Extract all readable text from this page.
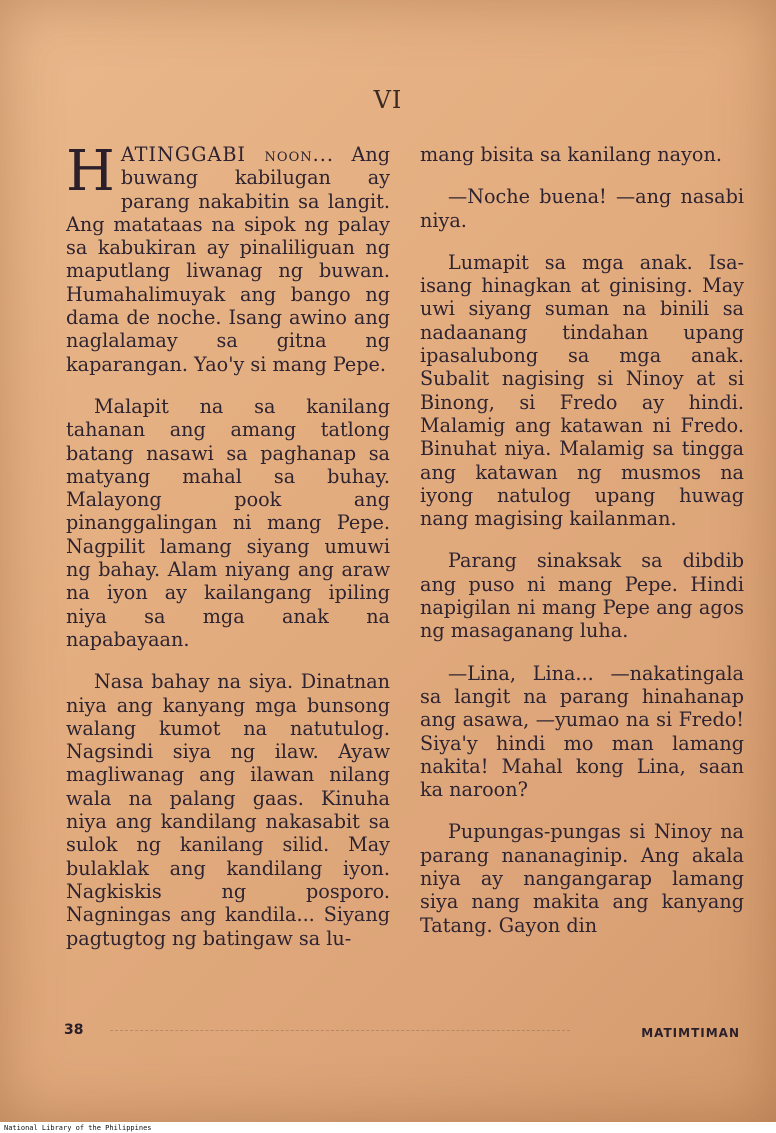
VI

HATINGGABI noon... Ang buwang kabilugan ay parang nakabitin sa langit. Ang matataas na sipok ng palay sa kabukiran ay pinaliliguan ng maputlang liwanag ng buwan. Humahalimuyak ang bango ng dama de noche. Isang awino ang naglalamay sa gitna ng kaparangan. Yao'y si mang Pepe.

Malapit na sa kanilang tahanan ang amang tatlong batang nasawi sa paghanap sa matyang mahal sa buhay. Malayong pook ang pinanggalingan ni mang Pepe. Nagpilit lamang siyang umuwi ng bahay. Alam niyang ang araw na iyon ay kailangang ipiling niya sa mga anak na napabayaan.

Nasa bahay na siya. Dinatnan niya ang kanyang mga bunsong walang kumot na natutulog. Nagsindi siya ng ilaw. Ayaw magliwanag ang ilawan nilang wala na palang gaas. Kinuha niya ang kandilang nakasabit sa sulok ng kanilang silid. May bulaklak ang kandilang iyon. Nagkiskis ng posporo. Nagningas ang kandila... Siyang pagtugtog ng batingaw sa lu-

mang bisita sa kanilang nayon.

—Noche buena! —ang nasabi niya.

Lumapit sa mga anak. Isa-isang hinagkan at ginising. May uwi siyang suman na binili sa nadaanang tindahan upang ipasalubong sa mga anak. Subalit nagising si Ninoy at si Binong, si Fredo ay hindi. Malamig ang katawan ni Fredo. Binuhat niya. Malamig sa tingga ang katawan ng musmos na iyong natulog upang huwag nang magising kailanman.

Parang sinaksak sa dibdib ang puso ni mang Pepe. Hindi napigilan ni mang Pepe ang agos ng masaganang luha.

—Lina, Lina... —nakatingala sa langit na parang hinahanap ang asawa, —yumao na si Fredo! Siya'y hindi mo man lamang nakita! Mahal kong Lina, saan ka naroon?

Pupungas-pungas si Ninoy na parang nananaginip. Ang akala niya ay nangangarap lamang siya nang makita ang kanyang Tatang. Gayon din

38	MATIMTIMAN
National Library of the Philippines
